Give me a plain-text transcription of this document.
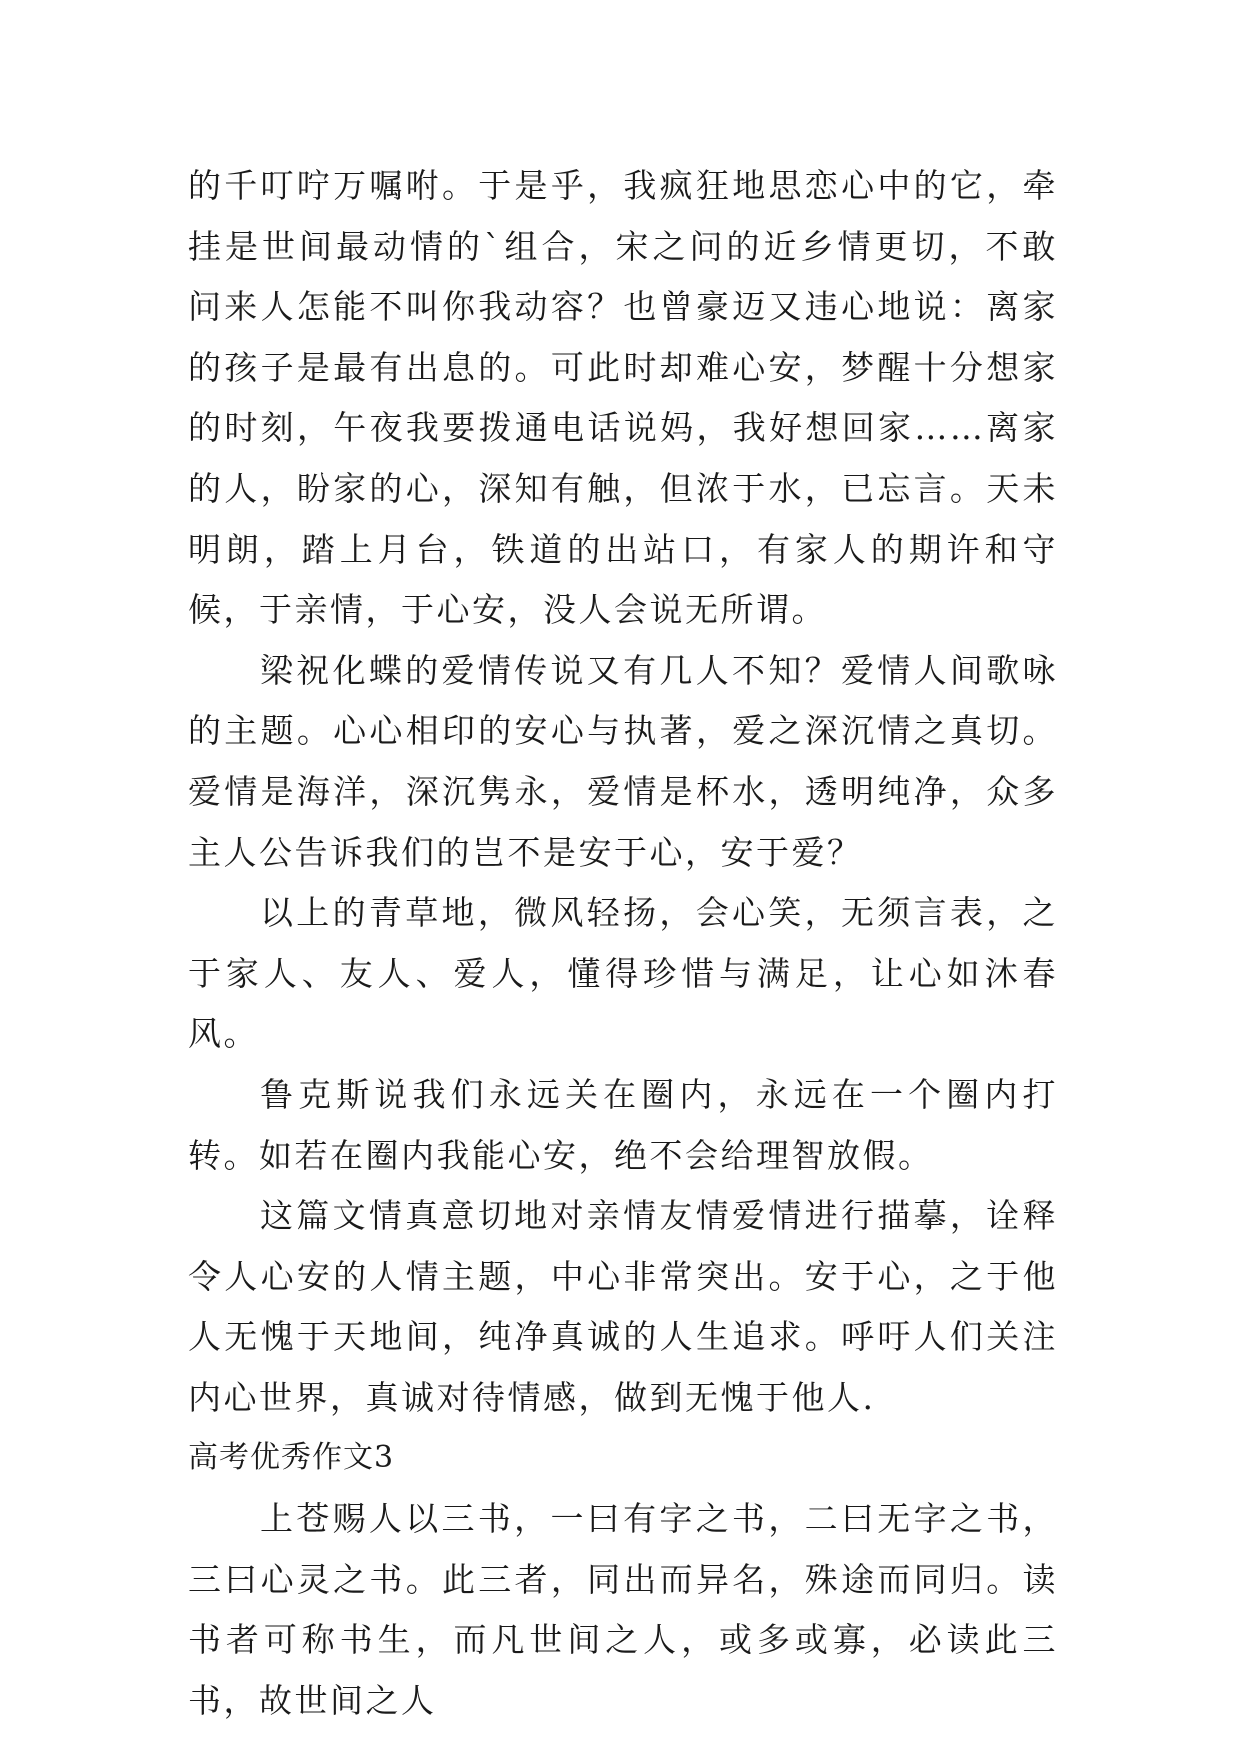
的千叮咛万嘱咐。于是乎，我疯狂地思恋心中的它，牵挂是世间最动情的`组合，宋之问的近乡情更切，不敢问来人怎能不叫你我动容？也曾豪迈又违心地说：离家的孩子是最有出息的。可此时却难心安，梦醒十分想家的时刻，午夜我要拨通电话说妈，我好想回家……离家的人，盼家的心，深知有触，但浓于水，已忘言。天未明朗，踏上月台，铁道的出站口，有家人的期许和守候，于亲情，于心安，没人会说无所谓。

梁祝化蝶的爱情传说又有几人不知？爱情人间歌咏的主题。心心相印的安心与执著，爱之深沉情之真切。爱情是海洋，深沉隽永，爱情是杯水，透明纯净，众多主人公告诉我们的岂不是安于心，安于爱？

以上的青草地，微风轻扬，会心笑，无须言表，之于家人、友人、爱人，懂得珍惜与满足，让心如沐春风。

鲁克斯说我们永远关在圈内，永远在一个圈内打转。如若在圈内我能心安，绝不会给理智放假。

这篇文情真意切地对亲情友情爱情进行描摹，诠释令人心安的人情主题，中心非常突出。安于心，之于他人无愧于天地间，纯净真诚的人生追求。呼吁人们关注内心世界，真诚对待情感，做到无愧于他人.

高考优秀作文3

上苍赐人以三书，一曰有字之书，二曰无字之书，三曰心灵之书。此三者，同出而异名，殊途而同归。读书者可称书生，而凡世间之人，或多或寡，必读此三书，故世间之人
